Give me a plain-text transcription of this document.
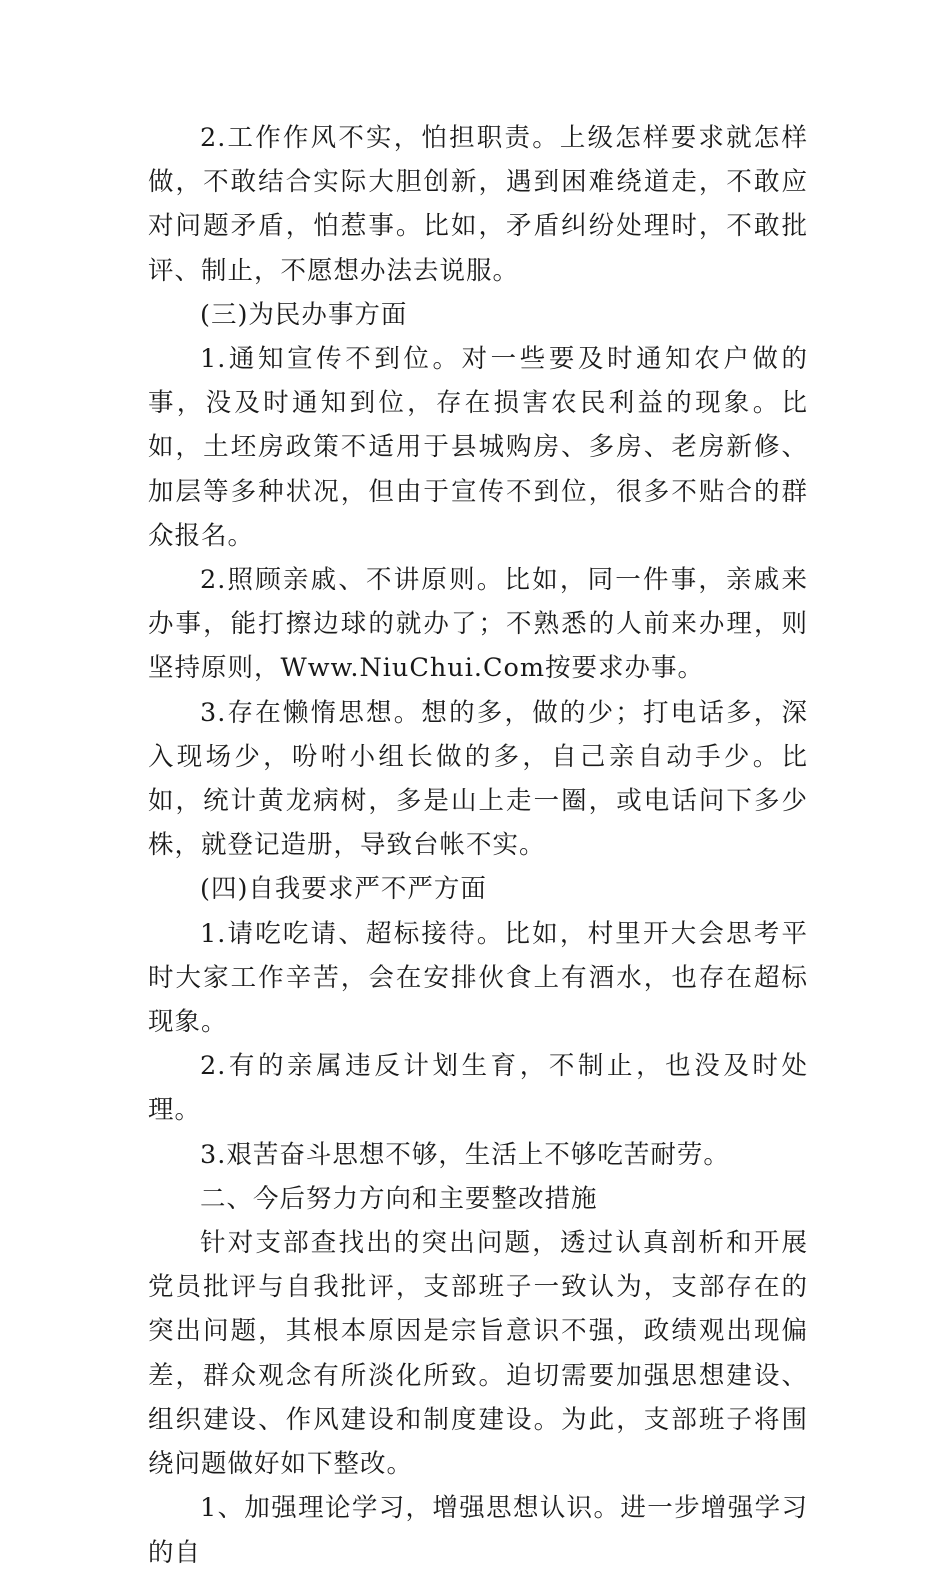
2.工作作风不实，怕担职责。上级怎样要求就怎样做，不敢结合实际大胆创新，遇到困难绕道走，不敢应对问题矛盾，怕惹事。比如，矛盾纠纷处理时，不敢批评、制止，不愿想办法去说服。

(三)为民办事方面

1.通知宣传不到位。对一些要及时通知农户做的事，没及时通知到位，存在损害农民利益的现象。比如，土坯房政策不适用于县城购房、多房、老房新修、加层等多种状况，但由于宣传不到位，很多不贴合的群众报名。

2.照顾亲戚、不讲原则。比如，同一件事，亲戚来办事，能打擦边球的就办了；不熟悉的人前来办理，则坚持原则，Www.NiuChui.Com按要求办事。

3.存在懒惰思想。想的多，做的少；打电话多，深入现场少，吩咐小组长做的多，自己亲自动手少。比如，统计黄龙病树，多是山上走一圈，或电话问下多少株，就登记造册，导致台帐不实。

(四)自我要求严不严方面

1.请吃吃请、超标接待。比如，村里开大会思考平时大家工作辛苦，会在安排伙食上有酒水，也存在超标现象。

2.有的亲属违反计划生育，不制止，也没及时处理。

3.艰苦奋斗思想不够，生活上不够吃苦耐劳。

二、今后努力方向和主要整改措施

针对支部查找出的突出问题，透过认真剖析和开展党员批评与自我批评，支部班子一致认为，支部存在的突出问题，其根本原因是宗旨意识不强，政绩观出现偏差，群众观念有所淡化所致。迫切需要加强思想建设、组织建设、作风建设和制度建设。为此，支部班子将围绕问题做好如下整改。

1、加强理论学习，增强思想认识。进一步增强学习的自
